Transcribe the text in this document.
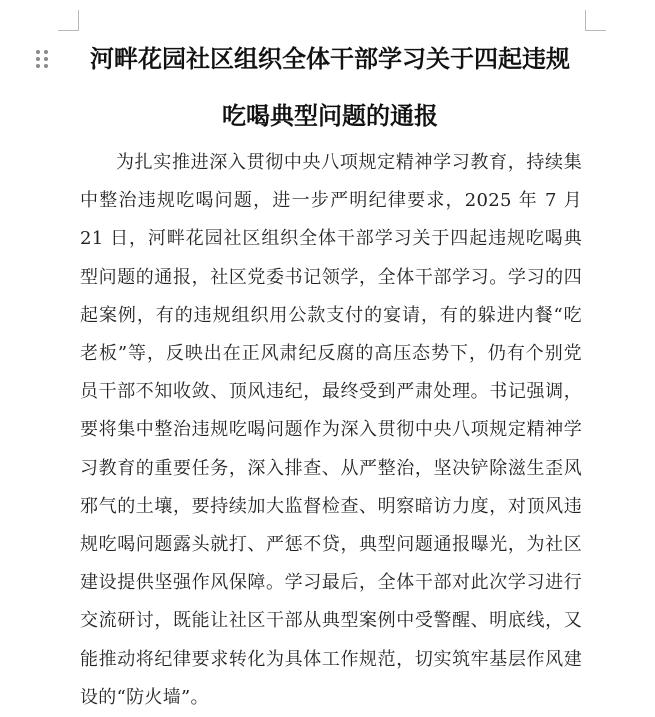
河畔花园社区组织全体干部学习关于四起违规吃喝典型问题的通报

为扎实推进深入贯彻中央八项规定精神学习教育，持续集中整治违规吃喝问题，进一步严明纪律要求，2025 年 7 月 21 日，河畔花园社区组织全体干部学习关于四起违规吃喝典型问题的通报，社区党委书记领学，全体干部学习。学习的四起案例，有的违规组织用公款支付的宴请，有的躲进内餐“吃老板”等，反映出在正风肃纪反腐的高压态势下，仍有个别党员干部不知收敛、顶风违纪，最终受到严肃处理。书记强调，要将集中整治违规吃喝问题作为深入贯彻中央八项规定精神学习教育的重要任务，深入排查、从严整治，坚决铲除滋生歪风邪气的土壤，要持续加大监督检查、明察暗访力度，对顶风违规吃喝问题露头就打、严惩不贷，典型问题通报曝光，为社区建设提供坚强作风保障。学习最后，全体干部对此次学习进行交流研讨，既能让社区干部从典型案例中受警醒、明底线，又能推动将纪律要求转化为具体工作规范，切实筑牢基层作风建设的“防火墙”。
